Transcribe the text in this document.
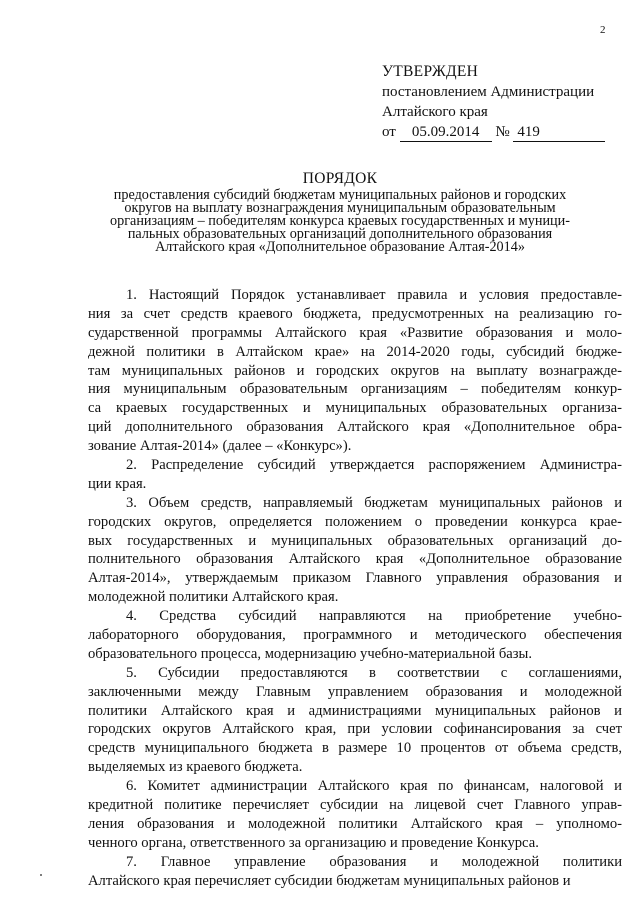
2
УТВЕРЖДЕН
постановлением Администрации
Алтайского края
от 05.09.2014 № 419
ПОРЯДОК
предоставления субсидий бюджетам муниципальных районов и городских
округов на выплату вознаграждения муниципальным образовательным
организациям – победителям конкурса краевых государственных и муници-
пальных образовательных организаций дополнительного образования
Алтайского края «Дополнительное образование Алтая-2014»
1. Настоящий Порядок устанавливает правила и условия предоставле-
ния за счет средств краевого бюджета, предусмотренных на реализацию го-
сударственной программы Алтайского края «Развитие образования и моло-
дежной политики в Алтайском крае» на 2014-2020 годы, субсидий бюдже-
там муниципальных районов и городских округов на выплату вознагражде-
ния муниципальным образовательным организациям – победителям конкур-
са краевых государственных и муниципальных образовательных организа-
ций дополнительного образования Алтайского края «Дополнительное обра-
зование Алтая-2014» (далее – «Конкурс»).
2. Распределение субсидий утверждается распоряжением Администра-
ции края.
3. Объем средств, направляемый бюджетам муниципальных районов и
городских округов, определяется положением о проведении конкурса крае-
вых государственных и муниципальных образовательных организаций до-
полнительного образования Алтайского края «Дополнительное образование
Алтая-2014», утверждаемым приказом Главного управления образования и
молодежной политики Алтайского края.
4. Средства субсидий направляются на приобретение учебно-
лабораторного оборудования, программного и методического обеспечения
образовательного процесса, модернизацию учебно-материальной базы.
5. Субсидии предоставляются в соответствии с соглашениями,
заключенными между Главным управлением образования и молодежной
политики Алтайского края и администрациями муниципальных районов и
городских округов Алтайского края, при условии софинансирования за счет
средств муниципального бюджета в размере 10 процентов от объема средств,
выделяемых из краевого бюджета.
6. Комитет администрации Алтайского края по финансам, налоговой и
кредитной политике перечисляет субсидии на лицевой счет Главного управ-
ления образования и молодежной политики Алтайского края – уполномо-
ченного органа, ответственного за организацию и проведение Конкурса.
7. Главное управление образования и молодежной политики
Алтайского края перечисляет субсидии бюджетам муниципальных районов и
